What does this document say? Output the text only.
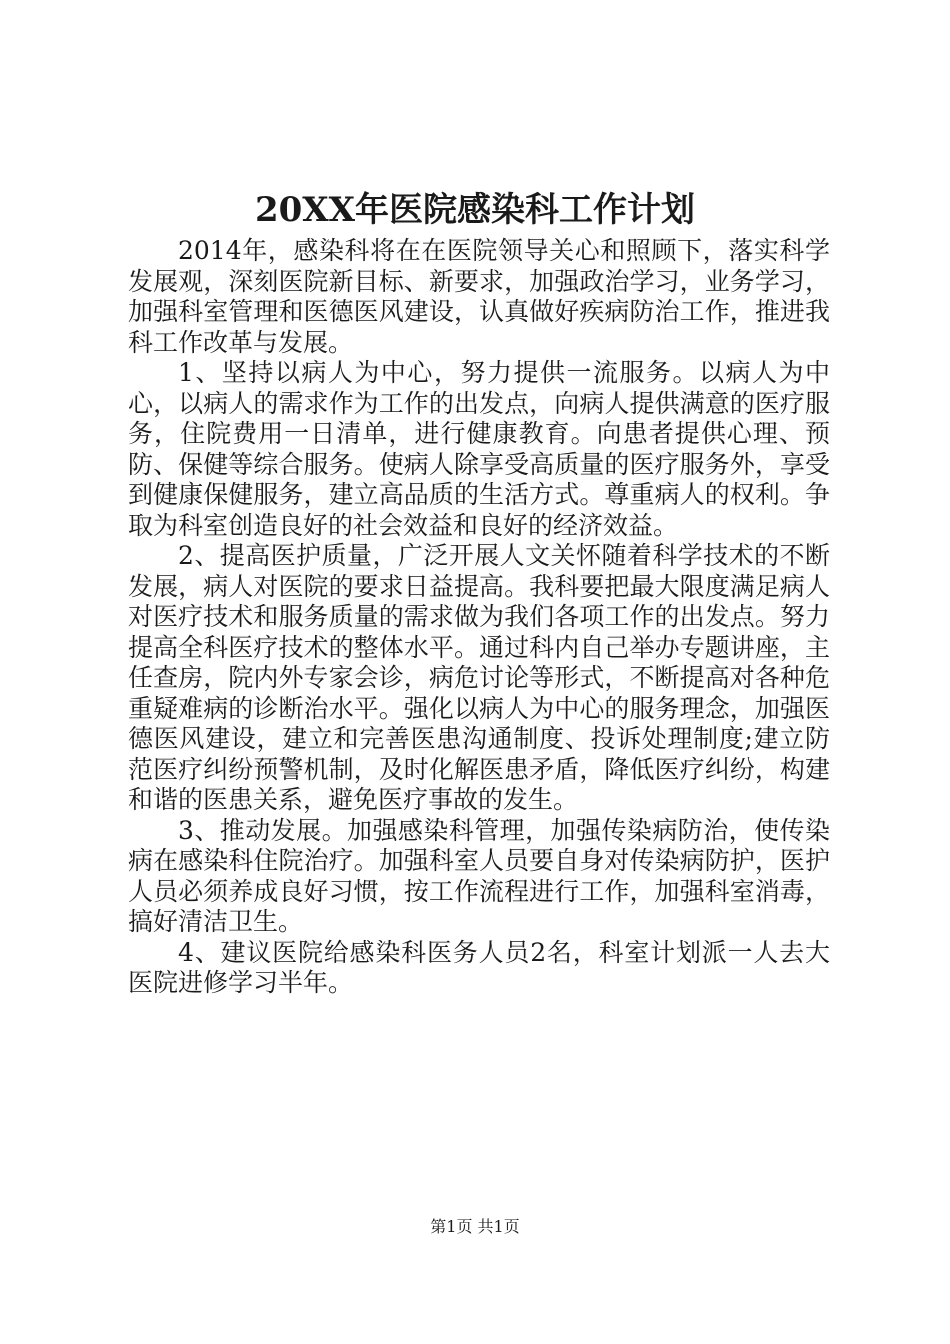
20XX年医院感染科工作计划

2014年，感染科将在在医院领导关心和照顾下，落实科学发展观，深刻医院新目标、新要求，加强政治学习，业务学习，加强科室管理和医德医风建设，认真做好疾病防治工作，推进我科工作改革与发展。

1、坚持以病人为中心，努力提供一流服务。以病人为中心，以病人的需求作为工作的出发点，向病人提供满意的医疗服务，住院费用一日清单，进行健康教育。向患者提供心理、预防、保健等综合服务。使病人除享受高质量的医疗服务外，享受到健康保健服务，建立高品质的生活方式。尊重病人的权利。争取为科室创造良好的社会效益和良好的经济效益。

2、提高医护质量，广泛开展人文关怀随着科学技术的不断发展，病人对医院的要求日益提高。我科要把最大限度满足病人对医疗技术和服务质量的需求做为我们各项工作的出发点。努力提高全科医疗技术的整体水平。通过科内自己举办专题讲座，主任查房，院内外专家会诊，病危讨论等形式，不断提高对各种危重疑难病的诊断治水平。强化以病人为中心的服务理念，加强医德医风建设，建立和完善医患沟通制度、投诉处理制度;建立防范医疗纠纷预警机制，及时化解医患矛盾，降低医疗纠纷，构建和谐的医患关系，避免医疗事故的发生。

3、推动发展。加强感染科管理，加强传染病防治，使传染病在感染科住院治疗。加强科室人员要自身对传染病防护，医护人员必须养成良好习惯，按工作流程进行工作，加强科室消毒，搞好清洁卫生。

4、建议医院给感染科医务人员2名，科室计划派一人去大医院进修学习半年。

第1页 共1页
